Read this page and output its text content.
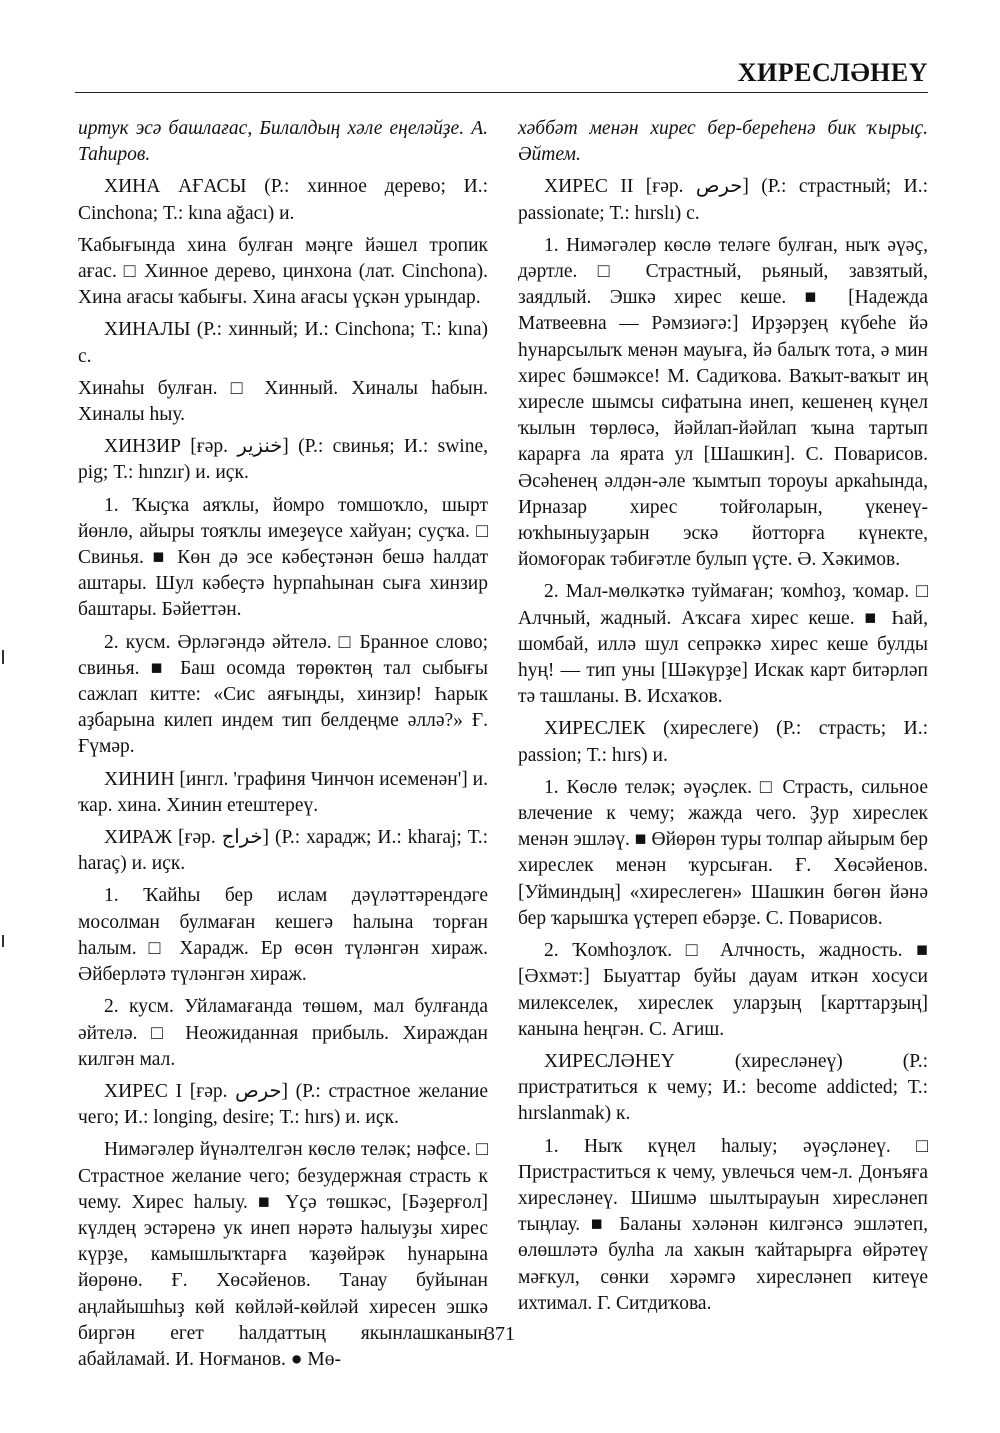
ХИРЕСЛӘНЕҮ

иртук эсә башлағас, Билалдың хәле еңеләйҙе. А. Таһиров.

ХИНА АҒАСЫ (Р.: хинное дерево; И.: Cinchona; Т.: kına ağacı) и.

Ҡабығында хина булған мәңге йәшел тропик ағас. □ Хинное дерево, цинхона (лат. Cinchona). Хина ағасы ҡабығы. Хина ағасы үҫкән урындар.

ХИНАЛЫ (Р.: хинный; И.: Cinchona; Т.: kına) с.

Хинаһы булған. □ Хинный. Хиналы һабын. Хиналы һыу.

ХИНЗИР [ғәр. خنزير] (Р.: свинья; И.: swine, pig; Т.: hınzır) и. иҫк.

1. Ҡыҫҡа аяҡлы, йомро томшоҡло, шырт йөнлө, айыры тояҡлы имеҙеүсе хайуан; суҫҡа. □ Свинья. ■ Көн дә эсе кәбеҫтәнән бешә һалдат аштары. Шул кәбеҫтә һурпаһынан сыға хинзир баштары. Бәйеттән.

2. кусм. Әрләгәндә әйтелә. □ Бранное слово; свинья. ■ Баш осомда төрөктөң тал сыбығы сажлап китте: «Сис аяғыңды, хинзир! Һарык аҙбарына килеп индем тип белдеңме әллә?» Ғ. Ғүмәр.

ХИНИН [ингл. 'графиня Чинчон исеменән'] и. ҡар. хина. Хинин етештереү.

ХИРАЖ [ғәр. خراج] (Р.: харадж; И.: kharaj; Т.: haraç) и. иҫк.

1. Ҡайһы бер ислам дәүләттәрендәге мосолман булмаған кешегә һалына торған һалым. □ Харадж. Ер өсөн түләнгән хираж. Әйберләтә түләнгән хираж.

2. кусм. Уйламағанда төшөм, мал булғанда әйтелә. □ Неожиданная прибыль. Хираждан килгән мал.

ХИРЕС I [ғәр. حرص] (Р.: страстное желание чего; И.: longing, desire; Т.: hırs) и. иҫк.

Нимәгәлер йүнәлтелгән көслө теләк; нәфсе. □ Страстное желание чего; безудержная страсть к чему. Хирес һалыу. ■ Үҫә төшкәс, [Бәҙерғол] күлдең эстәренә ук инеп нәрәтә һалыуҙы хирес күрҙе, камышлыҡтарға ҡаҙөйрәк һунарына йөрөнө. Ғ. Хөсәйенов. Танау буйынан аңлайышһыҙ көй көйләй-көйләй хиресен эшкә биргән егет һалдаттың якынлашканын абайламай. И. Ноғманов. ● Мө-

хәббәт менән хирес бер-береһенә бик ҡырыҫ. Әйтем.

ХИРЕС II [ғәр. حرص] (Р.: страстный; И.: passionate; Т.: hırslı) с.

1. Нимәгәлер көслө теләге булған, ныҡ әүәҫ, дәртле. □ Страстный, рьяный, завзятый, заядлый. Эшкә хирес кеше. ■ [Надежда Матвеевна — Рәмзиәгә:] Ирҙәрҙең күбеһе йә һунарсылыҡ менән мауыға, йә балыҡ тота, ә мин хирес бәшмәксе! М. Садиҡова. Ваҡыт-ваҡыт иң хиресле шымсы сифатына инеп, кешенең күңел ҡылын төрлөсә, йәйлап-йәйлап ҡына тартып карарға ла ярата ул [Шашкин]. С. Поварисов. Әсәһенең әлдән-әле ҡымтып тороуы аркаһында, Ирназар хирес тойғоларын, үкенеү-юҡһыныуҙарын эскә йотторға күнекте, йомоғорак тәбиғәтле булып үҫте. Ә. Хәкимов.

2. Мал-мөлкәткә туймаған; ҡомһоҙ, ҡомар. □ Алчный, жадный. Аҡсаға хирес кеше. ■ Һай, шомбай, иллә шул сепрәккә хирес кеше булды һуң! — тип уны [Шәкүрҙе] Искак карт битәрләп тә ташланы. В. Исхаҡов.

ХИРЕСЛЕК (хиреслеге) (Р.: страсть; И.: passion; Т.: hırs) и.

1. Көслө теләк; әүәҫлек. □ Страсть, сильное влечение к чему; жажда чего. Ҙур хиреслек менән эшләү. ■ Өйөрөн туры толпар айырым бер хиреслек менән ҡурсыған. Ғ. Хөсәйенов. [Уйминдың] «хиреслеген» Шашкин бөгөн йәнә бер ҡарышҡа үҫтереп ебәрҙе. С. Поварисов.

2. Ҡомһоҙлоҡ. □ Алчность, жадность. ■ [Әхмәт:] Быуаттар буйы дауам иткән хосуси милекселек, хиреслек уларҙың [карттарҙың] канына һеңгән. С. Агиш.

ХИРЕСЛӘНЕҮ (хиресләнеү) (Р.: пристратиться к чему; И.: become addicted; Т.: hırslanmak) к.

1. Ныҡ күңел һалыу; әүәҫләнеү. □ Пристраститься к чему, увлечься чем-л. Донъяға хиресләнеү. Шишмә шылтырауын хиресләнеп тыңлау. ■ Баланы хәләнән килгәнсә эшләтеп, өлөшләтә булһа ла хакын ҡайтарырға өйрәтеү мәғкул, сөнки хәрәмгә хиресләнеп китеүе ихтимал. Г. Ситдиҡова.

371
